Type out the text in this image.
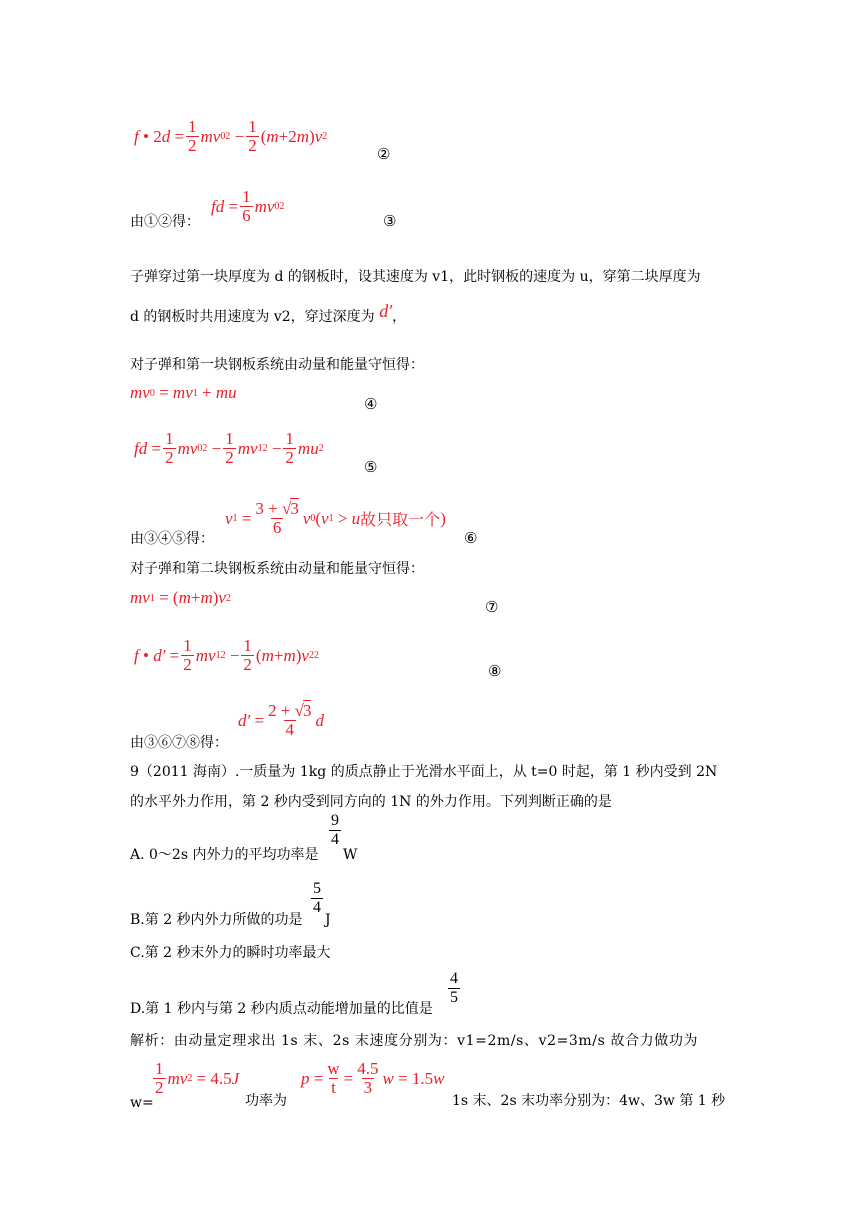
f •
2 $d = \frac{1}{2}$ mv 0 2
− $\frac{1}{2}$ ( m +2 m ) v 2
②
fd = $\frac{1}{6}$ mv 0 2
由①②得：	③
子弹穿过第一块厚度为 d 的钢板时，设其速度为 v1，此时钢板的速度为 u，穿第二块厚度为
d 的钢板时共用速度为 v2，穿过深度为 d′，
对子弹和第一块钢板系统由动量和能量守恒得：
mv 0
= mv 1
+ mu
④
fd = $\frac{1}{2}$ mv 0 2
− $\frac{1}{2}$ mv 1 2
− $\frac{1}{2}$ mu 2
⑤
v 1
= $\frac{3 + √3}{6}$ v 0 ( v 1
> u 故只取一个 )
由③④⑤得：	⑥
对子弹和第二块钢板系统由动量和能量守恒得：
mv 1
=
( m + m ) v 2	⑦
f • $d' = \frac{1}{2}$ mv 1 2
− $\frac{1}{2}$ ( m + m ) v 2 2
⑧
$d' = \frac{2 + √3}{4}$ d
由③⑥⑦⑧得：
9（2011 海南）.一质量为 1kg 的质点静止于光滑水平面上，从 t=0 时起，第 1 秒内受到 2N
的水平外力作用，第 2 秒内受到同方向的 1N 的外力作用。下列判断正确的是
$\frac{9}{4}$
A. 0～2s 内外力的平均功率是 W
$\frac{5}{4}$
B.第 2 秒内外力所做的功是 J
C.第 2 秒末外力的瞬时功率最大
$\frac{4}{5}$
D.第 1 秒内与第 2 秒内质点动能增加量的比值是
解析：由动量定理求出 1s 末、2s 末速度分别为：v1=2m/s、v2=3m/s 故合力做功为
$\frac{1}{2}$ mv 2
=
4.5 J
w=	功率为
$p = \frac{w}{t} = \frac{4.5}{3}$ w =
1.5 w
1s 末、2s 末功率分别为：4w、3w 第 1 秒
